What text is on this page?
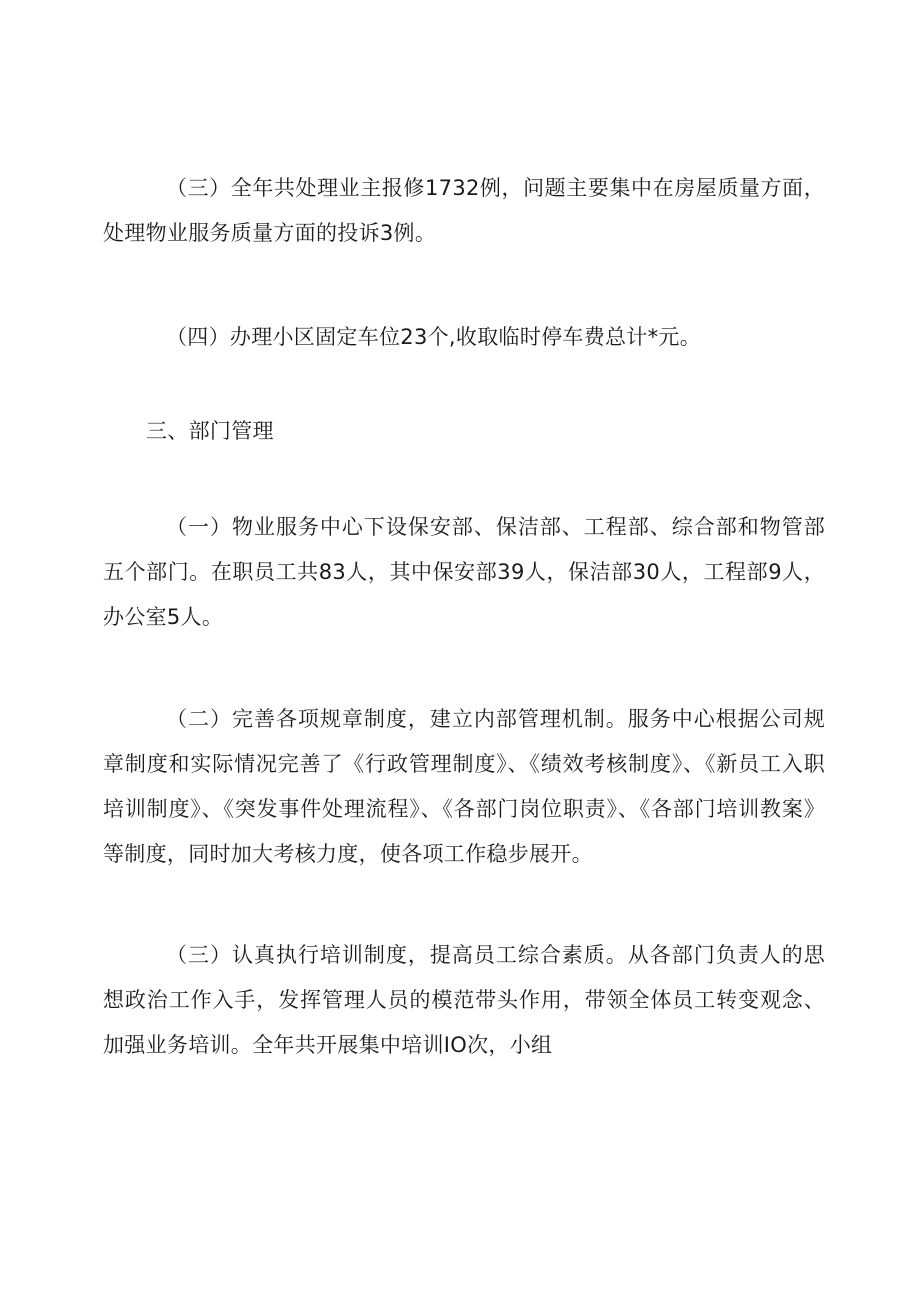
（三）全年共处理业主报修1732例，问题主要集中在房屋质量方面，处理物业服务质量方面的投诉3例。

（四）办理小区固定车位23个,收取临时停车费总计*元。

三、部门管理

（一）物业服务中心下设保安部、保洁部、工程部、综合部和物管部五个部门。在职员工共83人，其中保安部39人，保洁部30人，工程部9人，办公室5人。

（二）完善各项规章制度，建立内部管理机制。服务中心根据公司规章制度和实际情况完善了《行政管理制度》、《绩效考核制度》、《新员工入职培训制度》、《突发事件处理流程》、《各部门岗位职责》、《各部门培训教案》等制度，同时加大考核力度，使各项工作稳步展开。

（三）认真执行培训制度，提高员工综合素质。从各部门负责人的思想政治工作入手，发挥管理人员的模范带头作用，带领全体员工转变观念、加强业务培训。全年共开展集中培训IO次，小组
